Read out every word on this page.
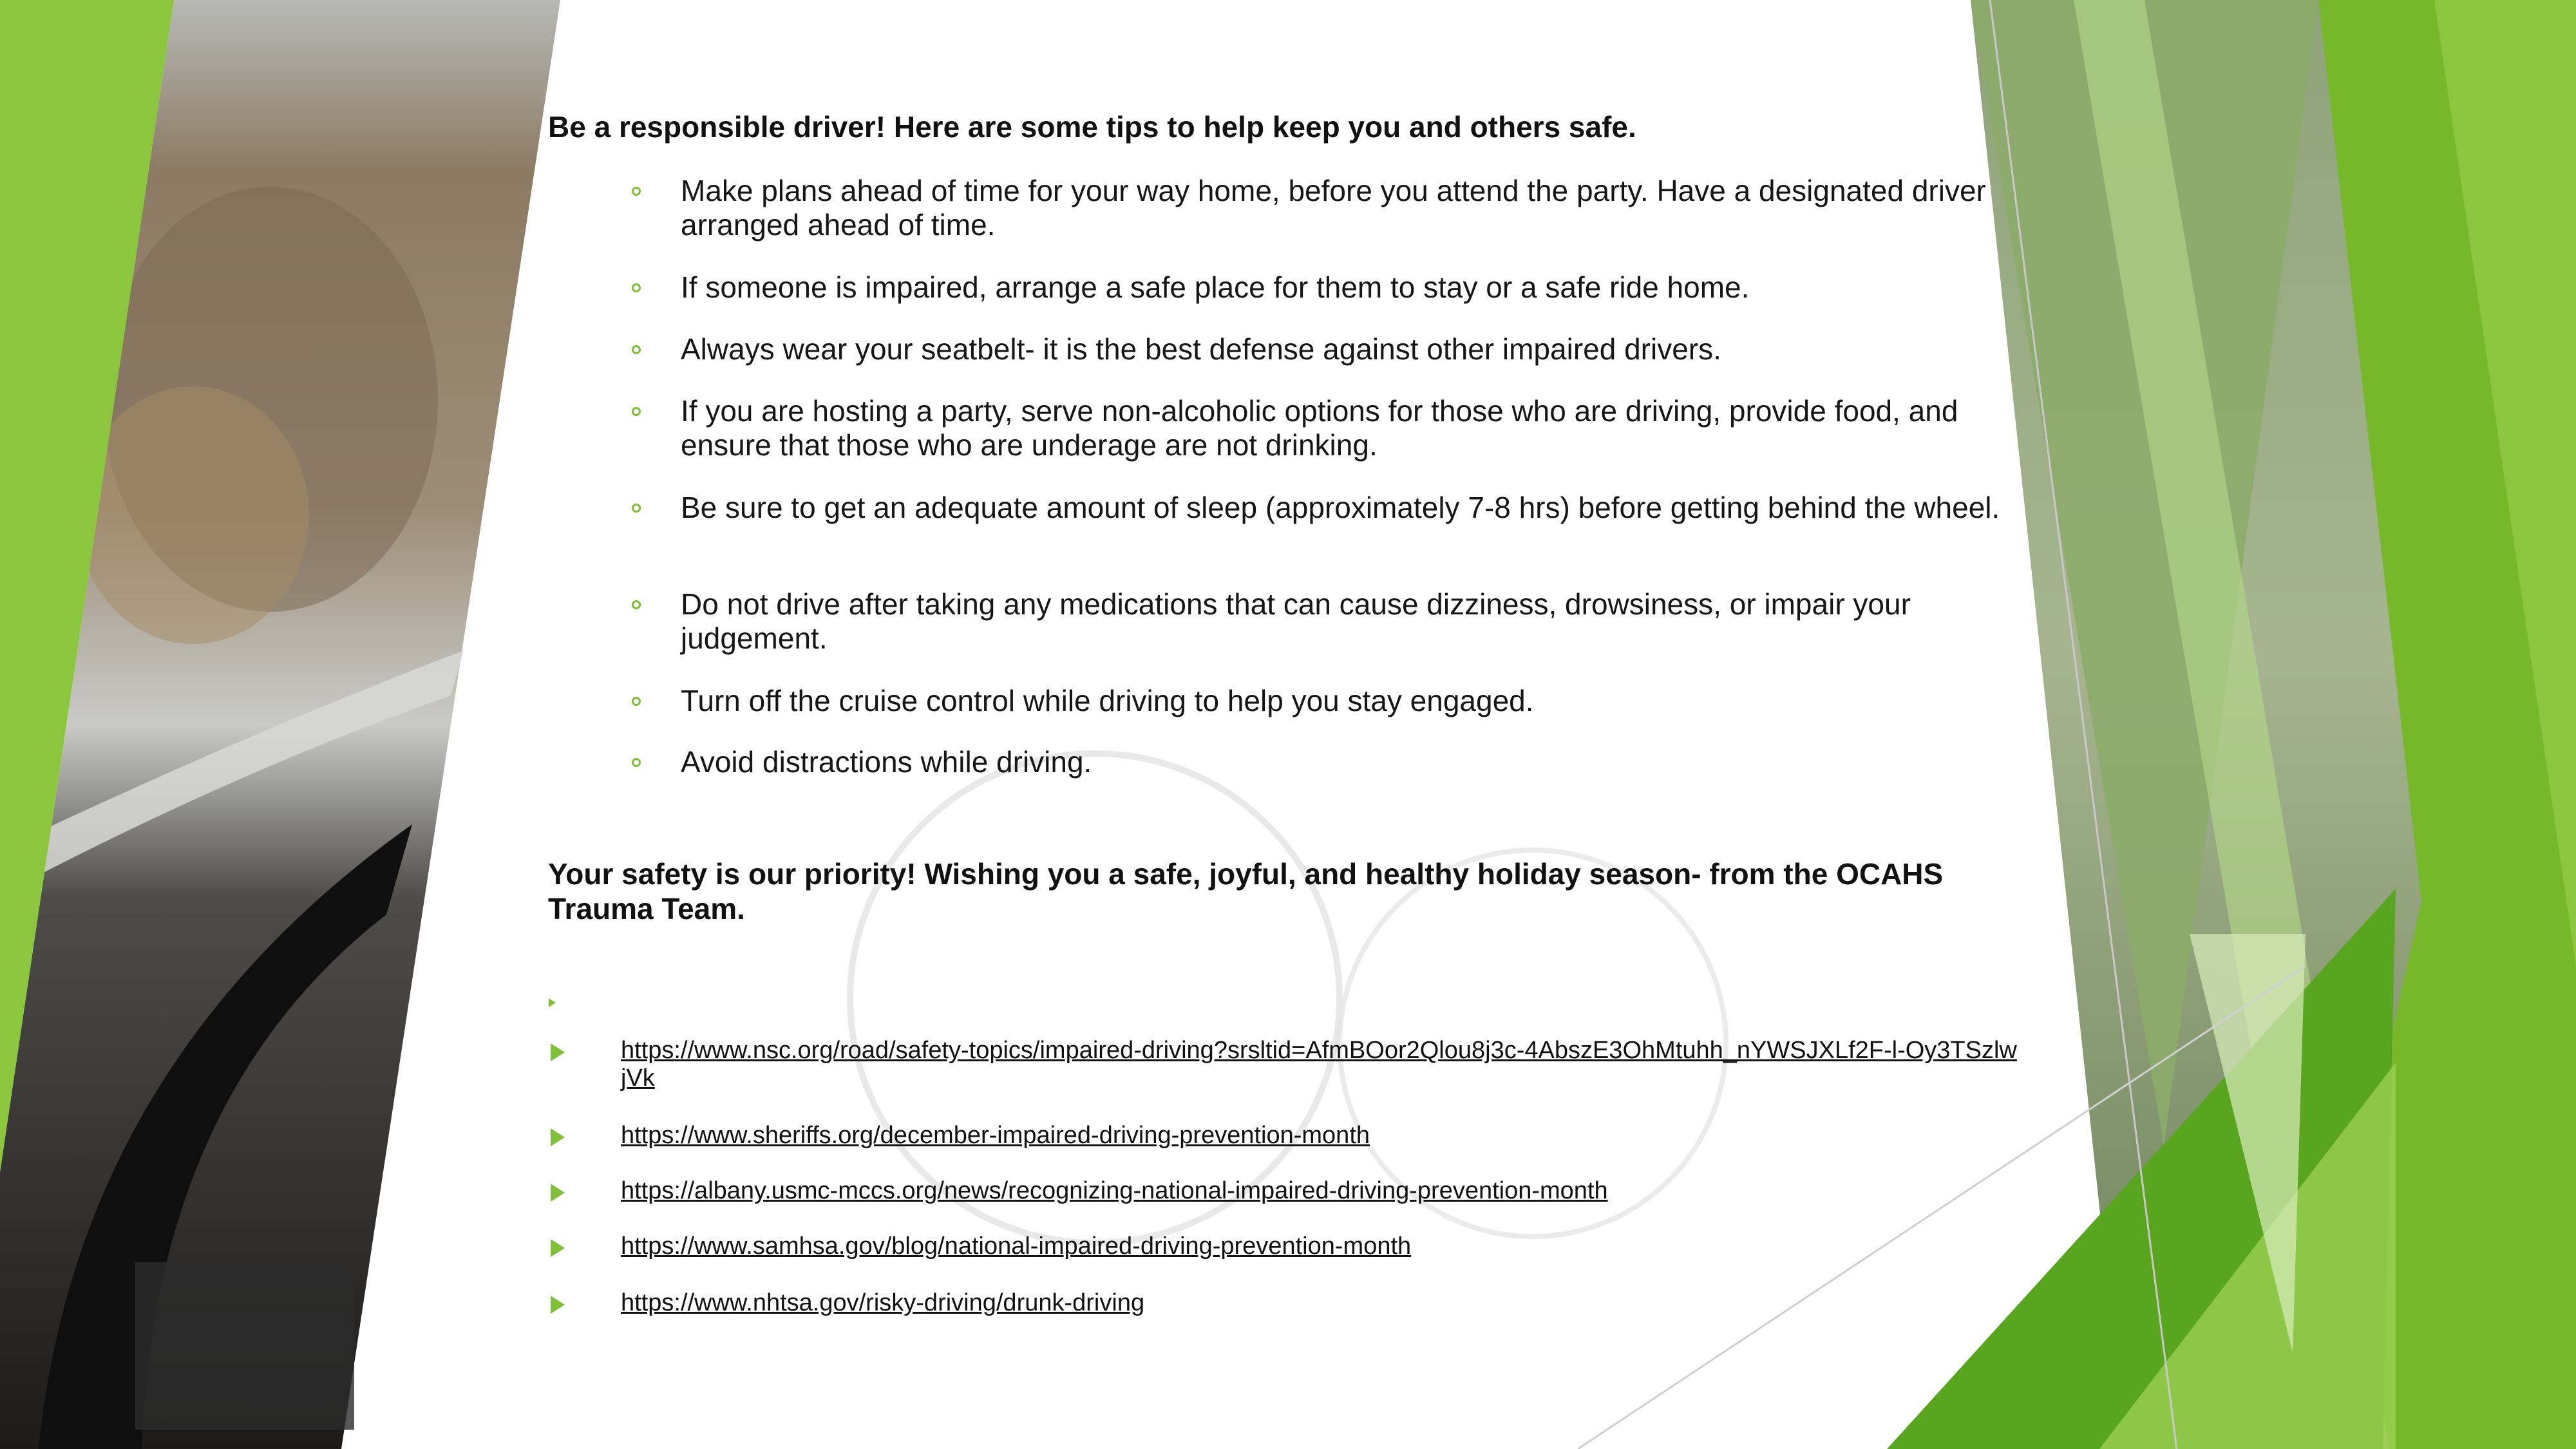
Be a responsible driver! Here are some tips to help keep you and others safe.

Make plans ahead of time for your way home, before you attend the party. Have a designated driver arranged ahead of time.

If someone is impaired, arrange a safe place for them to stay or a safe ride home.

Always wear your seatbelt- it is the best defense against other impaired drivers.

If you are hosting a party, serve non-alcoholic options for those who are driving, provide food, and ensure that those who are underage are not drinking.

Be sure to get an adequate amount of sleep (approximately 7-8 hrs) before getting behind the wheel.

Do not drive after taking any medications that can cause dizziness, drowsiness, or impair your judgement.

Turn off the cruise control while driving to help you stay engaged.

Avoid distractions while driving.

Your safety is our priority! Wishing you a safe, joyful, and healthy holiday season- from the OCAHS Trauma Team.

https://www.nsc.org/road/safety-topics/impaired-driving?srsltid=AfmBOor2Qlou8j3c-4AbszE3OhMtuhh_nYWSJXLf2F-l-Oy3TSzlwjVk
https://www.sheriffs.org/december-impaired-driving-prevention-month
https://albany.usmc-mccs.org/news/recognizing-national-impaired-driving-prevention-month
https://www.samhsa.gov/blog/national-impaired-driving-prevention-month
https://www.nhtsa.gov/risky-driving/drunk-driving
